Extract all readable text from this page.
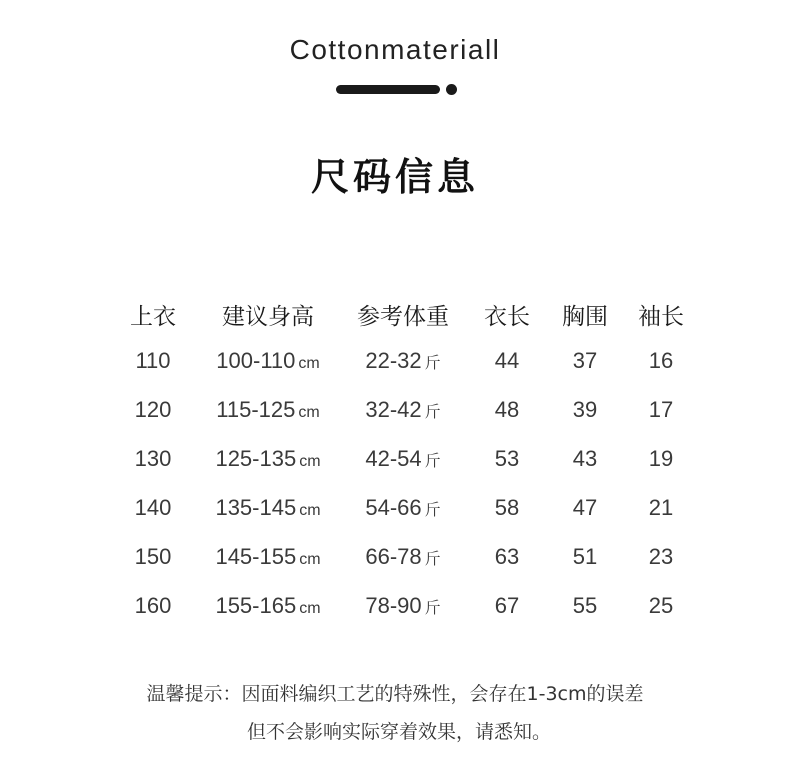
Cottonmateriall
尺码信息
上衣	建议身高	参考体重	衣长	胸围	袖长
110	100-110 cm	22-32 斤	44	37	16
120	115-125 cm	32-42 斤	48	39	17
130	125-135 cm	42-54 斤	53	43	19
140	135-145 cm	54-66 斤	58	47	21
150	145-155 cm	66-78 斤	63	51	23
160	155-165 cm	78-90 斤	67	55	25
温馨提示：因面料编织工艺的特殊性，会存在1-3cm的误差
但不会影响实际穿着效果，请悉知。
